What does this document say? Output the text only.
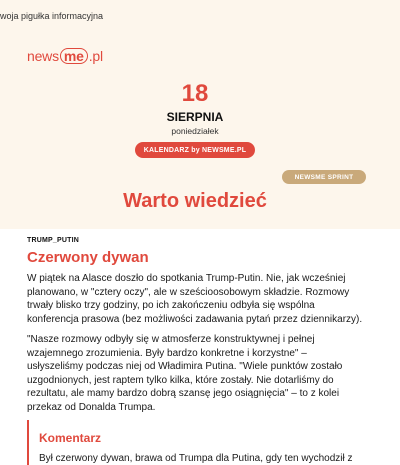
woja pigułka informacyjna
news me .pl
18
SIERPNIA
poniedziałek
KALENDARZ by NEWSME.PL
NEWSME SPRINT
Warto wiedzieć
TRUMP_PUTIN
Czerwony dywan

W piątek na Alasce doszło do spotkania Trump-Putin. Nie, jak wcześniej planowano, w "cztery oczy", ale w sześcioosobowym składzie. Rozmowy trwały blisko trzy godziny, po ich zakończeniu odbyła się wspólna konferencja prasowa (bez możliwości zadawania pytań przez dziennikarzy).

"Nasze rozmowy odbyły się w atmosferze konstruktywnej i pełnej wzajemnego zrozumienia. Były bardzo konkretne i korzystne" – usłyszeliśmy podczas niej od Władimira Putina. "Wiele punktów zostało uzgodnionych, jest raptem tylko kilka, które zostały. Nie dotarliśmy do rezultatu, ale mamy bardzo dobrą szansę jego osiągnięcia" – to z kolei przekaz od Donalda Trumpa.

Komentarz
Był czerwony dywan, brawa od Trumpa dla Putina, gdy ten wychodził z
